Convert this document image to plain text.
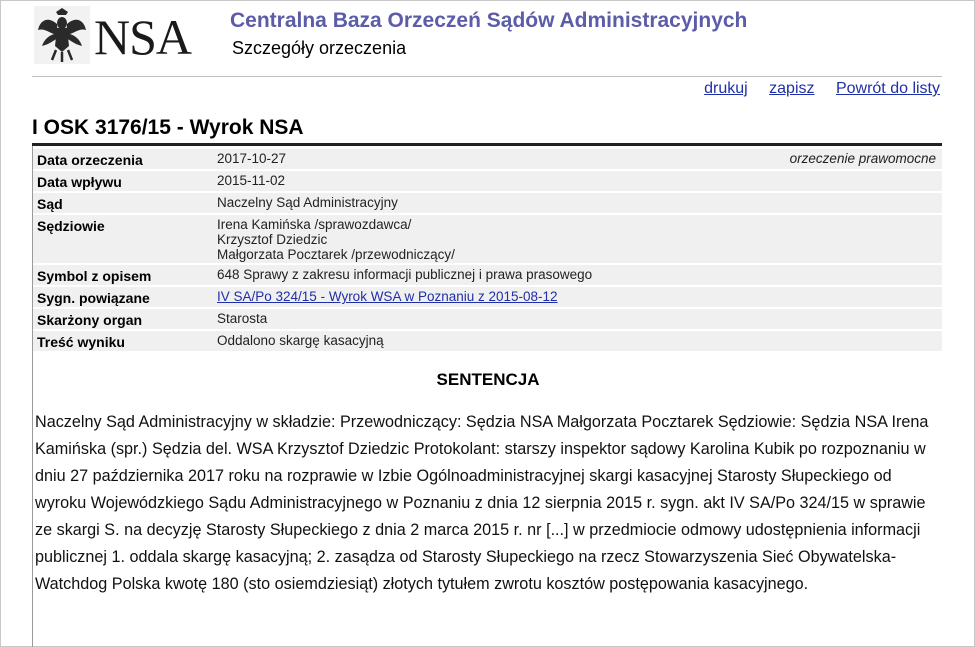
NSA Centralna Baza Orzeczeń Sądów Administracyjnych
Szczegóły orzeczenia
drukuj zapisz Powrót do listy
I OSK 3176/15 - Wyrok NSA
Data orzeczenia	2017-10-27 orzeczenie prawomocne

Data wpływu	2015-11-02
Sąd	Naczelny Sąd Administracyjny
Sędziowie	Irena Kamińska /sprawozdawca/
Krzysztof Dziedzic
Małgorzata Pocztarek /przewodniczący/

Symbol z opisem	648 Sprawy z zakresu informacji publicznej i prawa prasowego
Sygn. powiązane	IV SA/Po 324/15 - Wyrok WSA w Poznaniu z 2015-08-12
Skarżony organ	Starosta
Treść wyniku	Oddalono skargę kasacyjną
SENTENCJA
Naczelny Sąd Administracyjny w składzie: Przewodniczący: Sędzia NSA Małgorzata Pocztarek Sędziowie: Sędzia NSA Irena Kamińska (spr.) Sędzia del. WSA Krzysztof Dziedzic Protokolant: starszy inspektor sądowy Karolina Kubik po rozpoznaniu w dniu 27 października 2017 roku na rozprawie w Izbie Ogólnoadministracyjnej skargi kasacyjnej Starosty Słupeckiego od wyroku Wojewódzkiego Sądu Administracyjnego w Poznaniu z dnia 12 sierpnia 2015 r. sygn. akt IV SA/Po 324/15 w sprawie ze skargi S. na decyzję Starosty Słupeckiego z dnia 2 marca 2015 r. nr [...] w przedmiocie odmowy udostępnienia informacji publicznej 1. oddala skargę kasacyjną; 2. zasądza od Starosty Słupeckiego na rzecz Stowarzyszenia Sieć Obywatelska-Watchdog Polska kwotę 180 (sto osiemdziesiąt) złotych tytułem zwrotu kosztów postępowania kasacyjnego.
